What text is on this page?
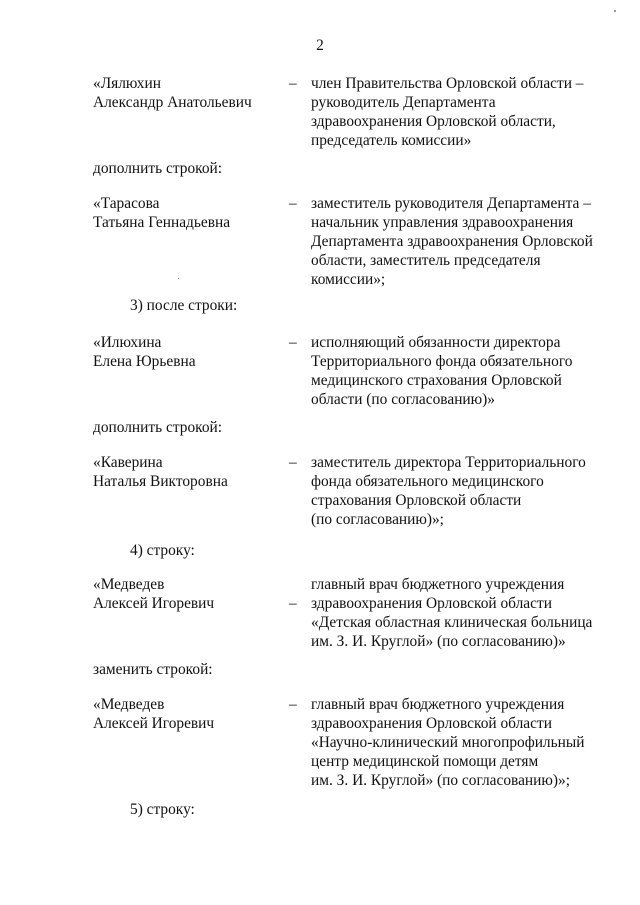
2
«Лялюхин
Александр Анатольевич
– член Правительства Орловской области –
руководитель Департамента
здравоохранения Орловской области,
председатель комиссии»
дополнить строкой:
«Тарасова
Татьяна Геннадьевна
– заместитель руководителя Департамента –
начальник управления здравоохранения
Департамента здравоохранения Орловской
области, заместитель председателя
комиссии»;
3) после строки:
«Илюхина
Елена Юрьевна
– исполняющий обязанности директора
Территориального фонда обязательного
медицинского страхования Орловской
области (по согласованию)»
дополнить строкой:
«Каверина
Наталья Викторовна
– заместитель директора Территориального
фонда обязательного медицинского
страхования Орловской области
(по согласованию)»;
4) строку:
«Медведев
Алексей Игоревич	–
главный врач бюджетного учреждения
здравоохранения Орловской области
«Детская областная клиническая больница
им. З. И. Круглой» (по согласованию)»
заменить строкой:
«Медведев
Алексей Игоревич
– главный врач бюджетного учреждения
здравоохранения Орловской области
«Научно-клинический многопрофильный
центр медицинской помощи детям
им. З. И. Круглой» (по согласованию)»;
5) строку:
